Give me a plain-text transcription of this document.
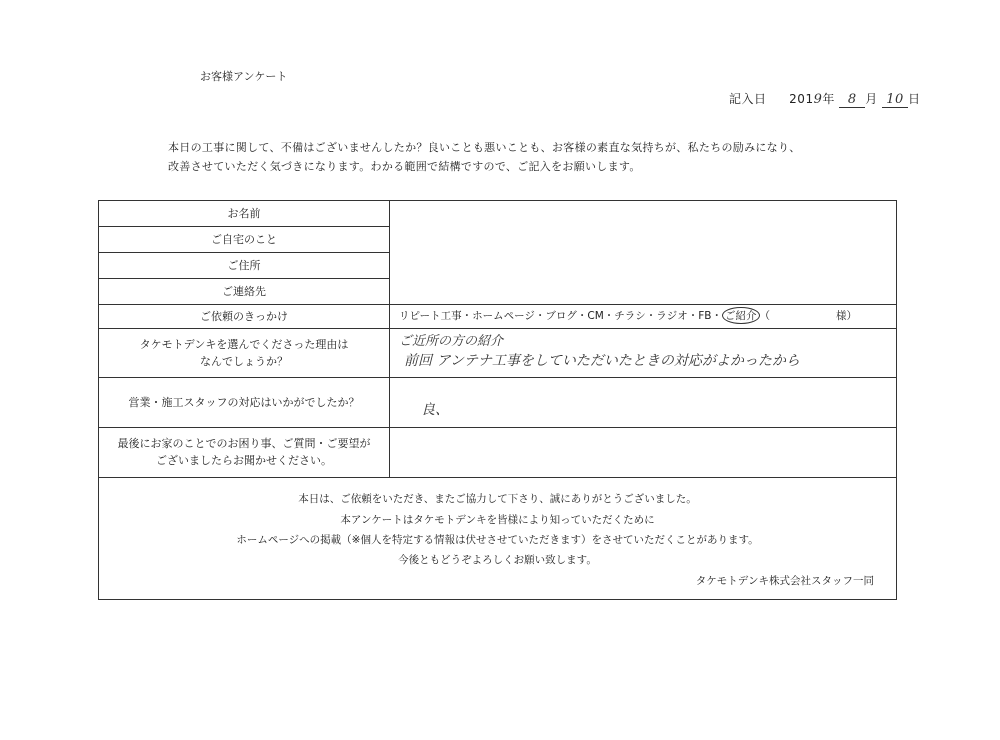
お客様アンケート
記入日 2019年 8 月 10 日
本日の工事に関して、不備はございませんしたか？良いことも悪いことも、お客様の素直な気持ちが、私たちの励みになり、
改善させていただく気づきになります。わかる範囲で結構ですので、ご記入をお願いします。
お名前
ご自宅のこと
ご住所
ご連絡先
ご依頼のきっかけ
タケモトデンキを選んでくださった理由は
なんでしょうか？
営業・施工スタッフの対応はいかがでしたか？
最後にお家のことでのお困り事、ご質問・ご要望が
ございましたらお聞かせください。
リピート工事・ホームページ・ブログ・CM・チラシ・ラジオ・FB・ ご紹介 （	様）
ご近所の方の紹介
前回 アンテナ工事をしていただいたときの対応がよかったから
良、
本日は、ご依頼をいただき、またご協力して下さり、誠にありがとうございました。
本アンケートはタケモトデンキを皆様により知っていただくために
ホームページへの掲載（※個人を特定する情報は伏せさせていただきます）をさせていただくことがあります。
今後ともどうぞよろしくお願い致します。
タケモトデンキ株式会社スタッフ一同
